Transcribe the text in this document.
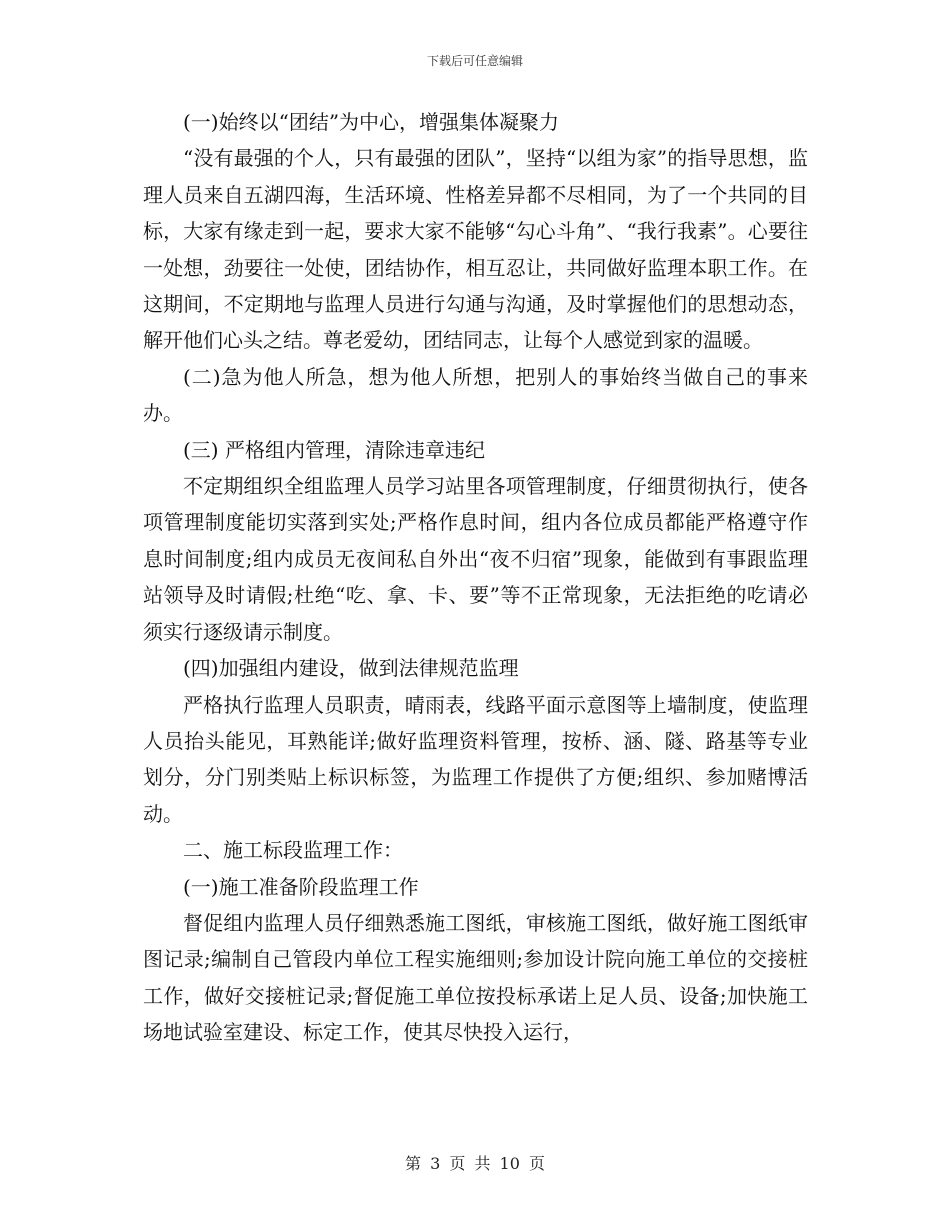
下载后可任意编辑

(一)始终以“团结”为中心，增强集体凝聚力

“没有最强的个人，只有最强的团队”，坚持“以组为家”的指导思想，监理人员来自五湖四海，生活环境、性格差异都不尽相同，为了一个共同的目标，大家有缘走到一起，要求大家不能够“勾心斗角”、“我行我素”。心要往一处想，劲要往一处使，团结协作，相互忍让，共同做好监理本职工作。在这期间，不定期地与监理人员进行勾通与沟通，及时掌握他们的思想动态，解开他们心头之结。尊老爱幼，团结同志，让每个人感觉到家的温暖。

(二)急为他人所急，想为他人所想，把别人的事始终当做自己的事来办。

(三) 严格组内管理，清除违章违纪

不定期组织全组监理人员学习站里各项管理制度，仔细贯彻执行，使各项管理制度能切实落到实处;严格作息时间，组内各位成员都能严格遵守作息时间制度;组内成员无夜间私自外出“夜不归宿”现象，能做到有事跟监理站领导及时请假;杜绝“吃、拿、卡、要”等不正常现象，无法拒绝的吃请必须实行逐级请示制度。

(四)加强组内建设，做到法律规范监理

严格执行监理人员职责，晴雨表，线路平面示意图等上墙制度，使监理人员抬头能见，耳熟能详;做好监理资料管理，按桥、涵、隧、路基等专业划分，分门别类贴上标识标签，为监理工作提供了方便;组织、参加赌博活动。

二、施工标段监理工作：

(一)施工准备阶段监理工作

督促组内监理人员仔细熟悉施工图纸，审核施工图纸，做好施工图纸审图记录;编制自己管段内单位工程实施细则;参加设计院向施工单位的交接桩工作，做好交接桩记录;督促施工单位按投标承诺上足人员、设备;加快施工场地试验室建设、标定工作，使其尽快投入运行，

第 3 页 共 10 页
